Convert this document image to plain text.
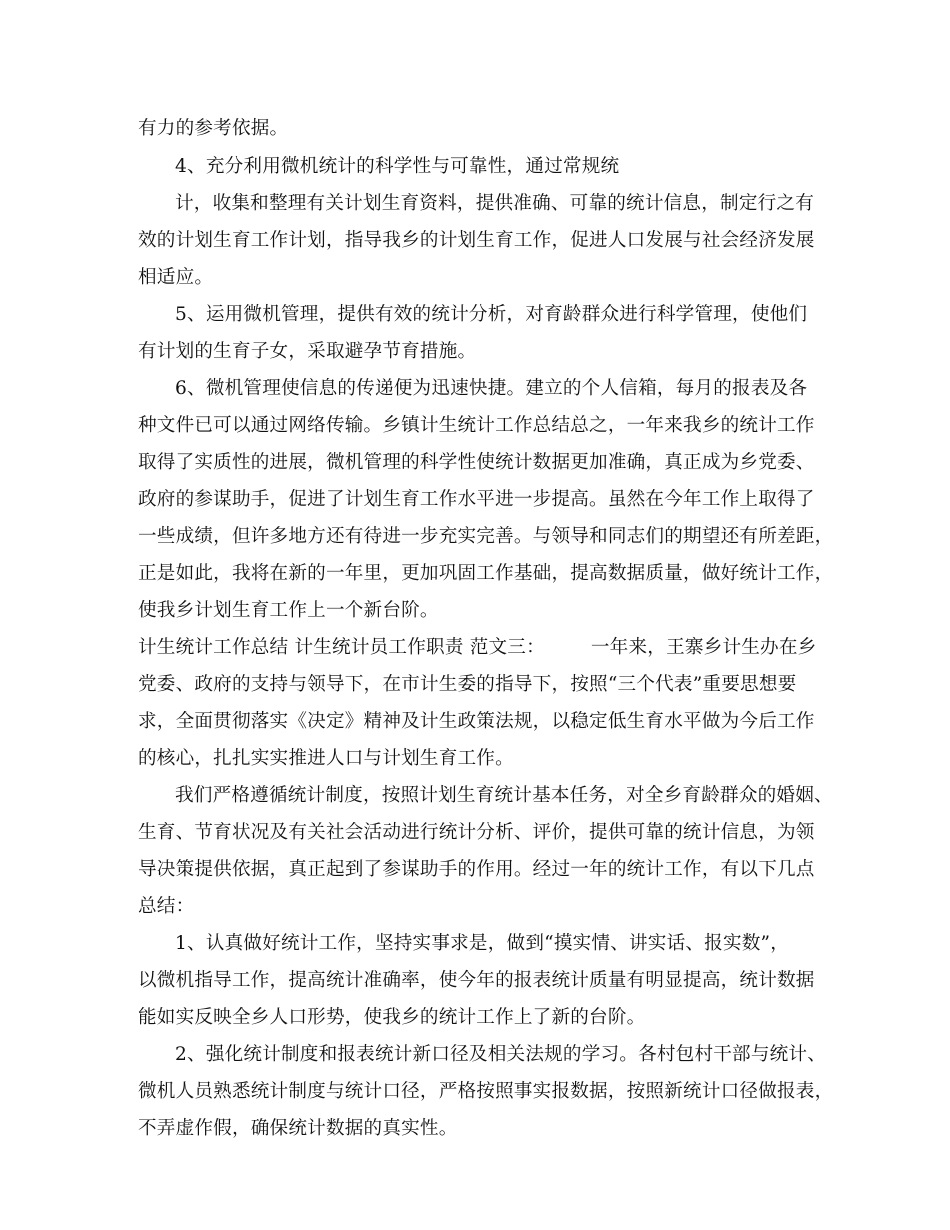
有力的参考依据。
4、充分利用微机统计的科学性与可靠性，通过常规统
计，收集和整理有关计划生育资料，提供准确、可靠的统计信息，制定行之有
效的计划生育工作计划，指导我乡的计划生育工作，促进人口发展与社会经济发展
相适应。
5、运用微机管理，提供有效的统计分析，对育龄群众进行科学管理，使他们
有计划的生育子女，采取避孕节育措施。
6、微机管理使信息的传递便为迅速快捷。建立的个人信箱，每月的报表及各
种文件已可以通过网络传输。乡镇计生统计工作总结总之，一年来我乡的统计工作
取得了实质性的进展，微机管理的科学性使统计数据更加准确，真正成为乡党委、
政府的参谋助手，促进了计划生育工作水平进一步提高。虽然在今年工作上取得了
一些成绩，但许多地方还有待进一步充实完善。与领导和同志们的期望还有所差距，
正是如此，我将在新的一年里，更加巩固工作基础，提高数据质量，做好统计工作，
使我乡计划生育工作上一个新台阶。
计生统计工作总结 计生统计员工作职责 范文三： 一年来，王寨乡计生办在乡
党委、政府的支持与领导下，在市计生委的指导下，按照“三个代表”重要思想要
求，全面贯彻落实《决定》精神及计生政策法规，以稳定低生育水平做为今后工作
的核心，扎扎实实推进人口与计划生育工作。
我们严格遵循统计制度，按照计划生育统计基本任务，对全乡育龄群众的婚姻、
生育、节育状况及有关社会活动进行统计分析、评价，提供可靠的统计信息，为领
导决策提供依据，真正起到了参谋助手的作用。经过一年的统计工作，有以下几点
总结：
1、认真做好统计工作，坚持实事求是，做到“摸实情、讲实话、报实数”，
以微机指导工作，提高统计准确率，使今年的报表统计质量有明显提高，统计数据
能如实反映全乡人口形势，使我乡的统计工作上了新的台阶。
2、强化统计制度和报表统计新口径及相关法规的学习。各村包村干部与统计、
微机人员熟悉统计制度与统计口径，严格按照事实报数据，按照新统计口径做报表，
不弄虚作假，确保统计数据的真实性。
